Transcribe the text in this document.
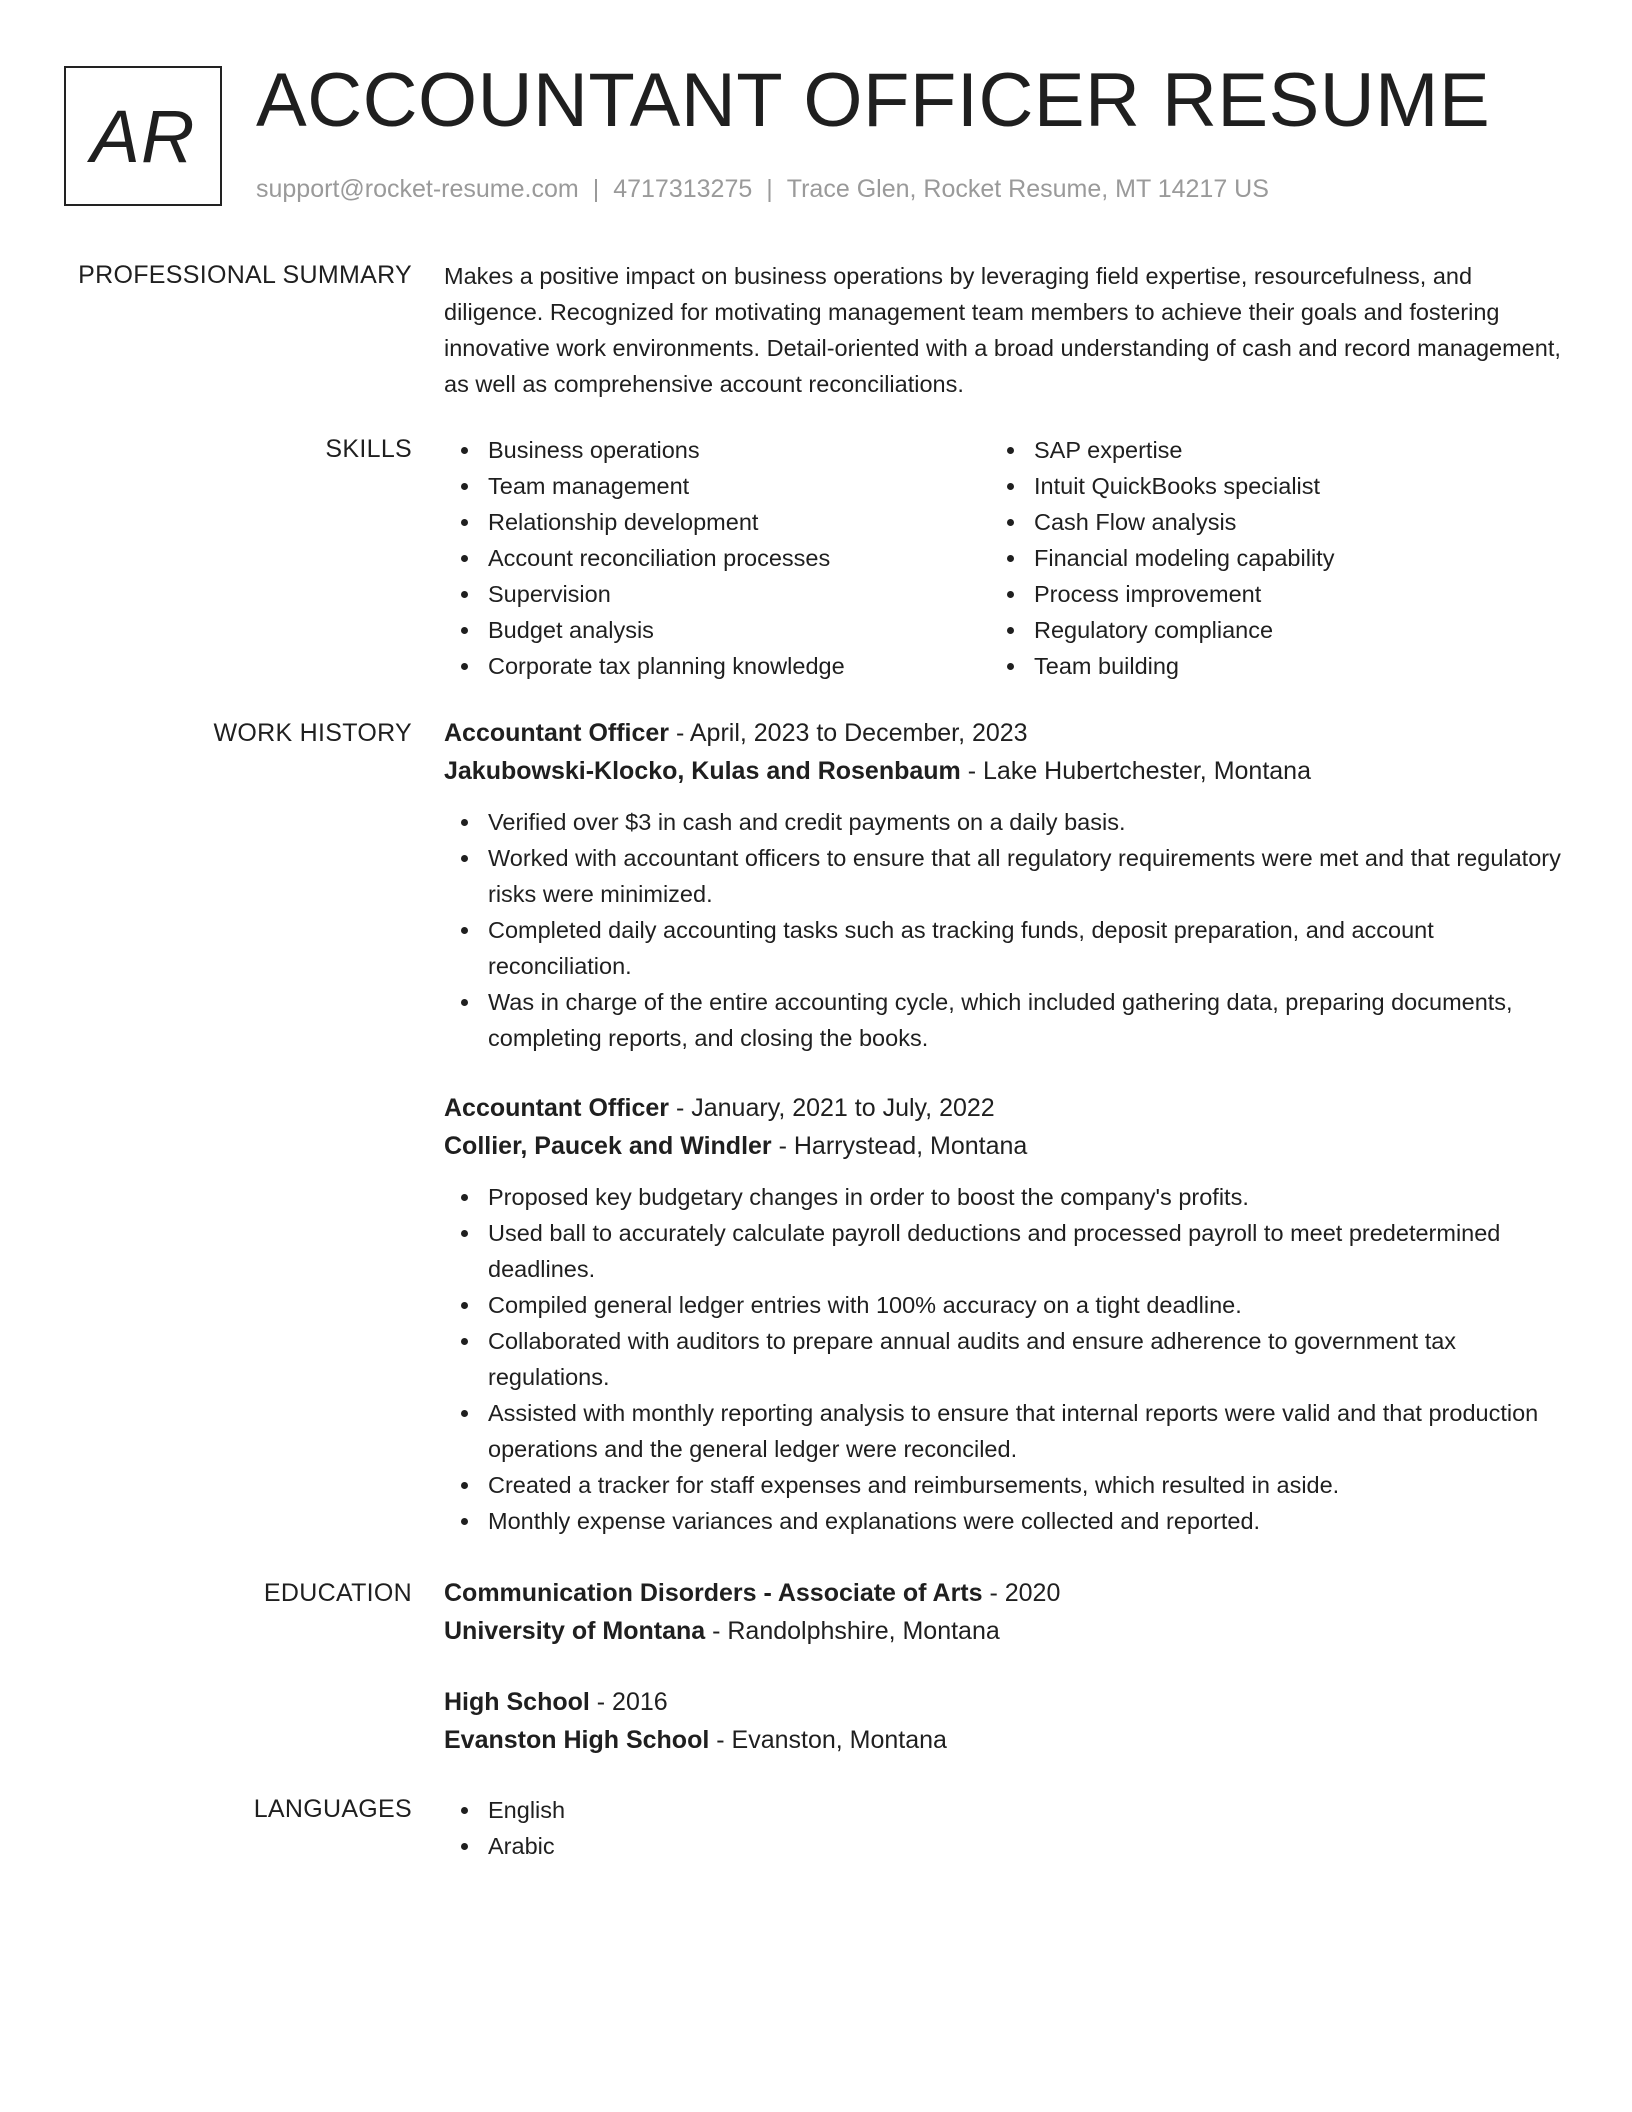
AR ACCOUNTANT OFFICER RESUME
support@rocket-resume.com | 4717313275 | Trace Glen, Rocket Resume, MT 14217 US
PROFESSIONAL SUMMARY Makes a positive impact on business operations by leveraging field expertise, resourcefulness, and diligence. Recognized for motivating management team members to achieve their goals and fostering innovative work environments. Detail-oriented with a broad understanding of cash and record management, as well as comprehensive account reconciliations.

SKILLS	Business operations
Team management
Relationship development
Account reconciliation processes
Supervision
Budget analysis
Corporate tax planning knowledge
SAP expertise
Intuit QuickBooks specialist
Cash Flow analysis
Financial modeling capability
Process improvement
Regulatory compliance
Team building
WORK HISTORY Accountant Officer - April, 2023 to December, 2023
Jakubowski-Klocko, Kulas and Rosenbaum - Lake Hubertchester, Montana
Verified over $3 in cash and credit payments on a daily basis.
Worked with accountant officers to ensure that all regulatory requirements were met and that regulatory risks were minimized.
Completed daily accounting tasks such as tracking funds, deposit preparation, and account reconciliation.
Was in charge of the entire accounting cycle, which included gathering data, preparing documents, completing reports, and closing the books.
Accountant Officer - January, 2021 to July, 2022
Collier, Paucek and Windler - Harrystead, Montana
Proposed key budgetary changes in order to boost the company's profits.
Used ball to accurately calculate payroll deductions and processed payroll to meet predetermined deadlines.
Compiled general ledger entries with 100% accuracy on a tight deadline.
Collaborated with auditors to prepare annual audits and ensure adherence to government tax regulations.
Assisted with monthly reporting analysis to ensure that internal reports were valid and that production operations and the general ledger were reconciled.
Created a tracker for staff expenses and reimbursements, which resulted in aside.
Monthly expense variances and explanations were collected and reported.
EDUCATION Communication Disorders - Associate of Arts - 2020
University of Montana - Randolphshire, Montana
High School - 2016
Evanston High School - Evanston, Montana
LANGUAGES	English
Arabic
